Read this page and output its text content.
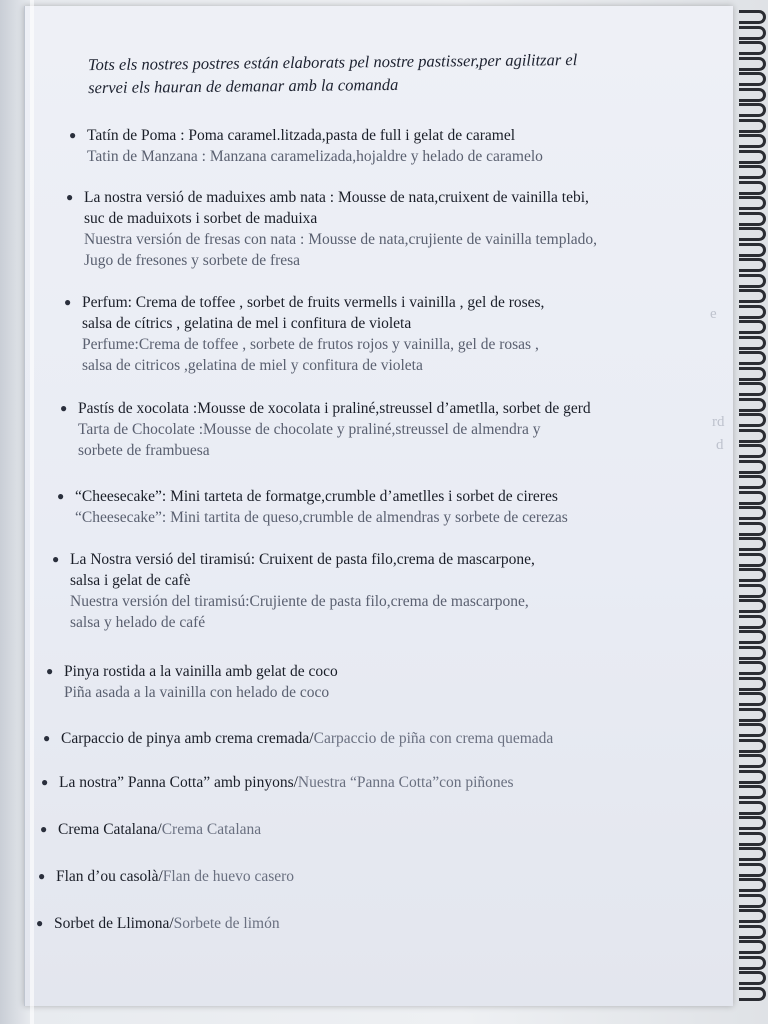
e
rd
d
Tots els nostres postres están elaborats pel nostre pastisser,per agilitzar el
servei els hauran de demanar amb la comanda
● Tatín de Poma : Poma caramel.litzada,pasta de full i gelat de caramel
Tatin de Manzana : Manzana caramelizada,hojaldre y helado de caramelo
● La nostra versió de maduixes amb nata : Mousse de nata,cruixent de vainilla tebi,
suc de maduixots i sorbet de maduixa
Nuestra versión de fresas con nata : Mousse de nata,crujiente de vainilla templado,
Jugo de fresones y sorbete de fresa
● Perfum: Crema de toffee , sorbet de fruits vermells i vainilla , gel de roses,
salsa de cítrics , gelatina de mel i confitura de violeta
Perfume:Crema de toffee , sorbete de frutos rojos y vainilla, gel de rosas ,
salsa de citricos ,gelatina de miel y confitura de violeta
● Pastís de xocolata :Mousse de xocolata i praliné,streussel d’ametlla, sorbet de gerd
Tarta de Chocolate :Mousse de chocolate y praliné,streussel de almendra y
sorbete de frambuesa
● “Cheesecake”: Mini tarteta de formatge,crumble d’ametlles i sorbet de cireres
“Cheesecake”: Mini tartita de queso,crumble de almendras y sorbete de cerezas
● La Nostra versió del tiramisú: Cruixent de pasta filo,crema de mascarpone,
salsa i gelat de cafè
Nuestra versión del tiramisú:Crujiente de pasta filo,crema de mascarpone,
salsa y helado de café
● Pinya rostida a la vainilla amb gelat de coco
Piña asada a la vainilla con helado de coco
● Carpaccio de pinya amb crema cremada/Carpaccio de piña con crema quemada
● La nostra” Panna Cotta” amb pinyons/Nuestra “Panna Cotta”con piñones
● Crema Catalana/Crema Catalana
● Flan d’ou casolà/Flan de huevo casero
● Sorbet de Llimona/Sorbete de limón
